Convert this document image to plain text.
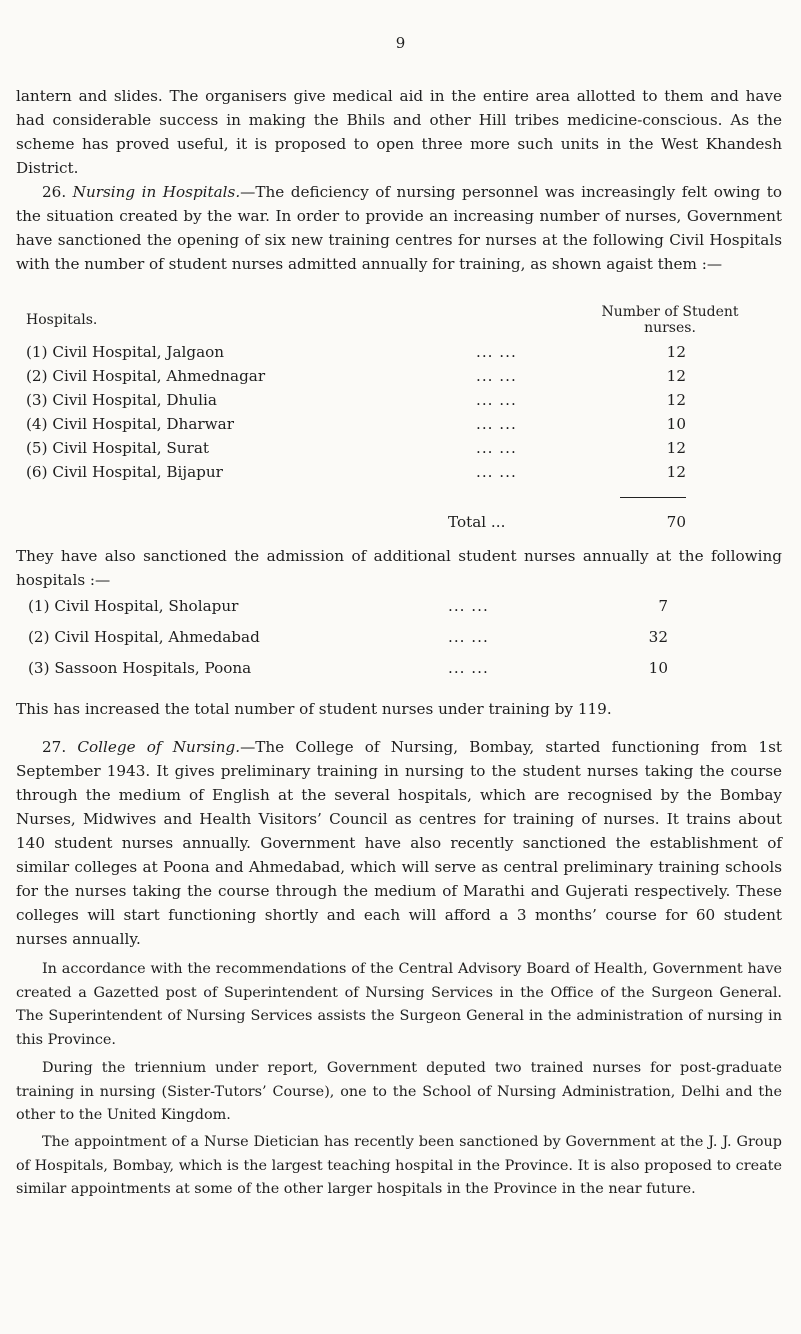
9

lantern and slides. The organisers give medical aid in the entire area allotted to them and have had considerable success in making the Bhils and other Hill tribes medicine-conscious. As the scheme has proved useful, it is proposed to open three more such units in the West Khandesh District.

26. Nursing in Hospitals.—The deficiency of nursing personnel was increasingly felt owing to the situation created by the war. In order to provide an increasing number of nurses, Government have sanctioned the opening of six new training centres for nurses at the following Civil Hospitals with the number of student nurses admitted annually for training, as shown agaist them :—

Hospitals.	Number of Student nurses.
(1) Civil Hospital, Jalgaon	... ...	12
(2) Civil Hospital, Ahmednagar	... ...	12
(3) Civil Hospital, Dhulia	... ...	12
(4) Civil Hospital, Dharwar	... ...	10
(5) Civil Hospital, Surat	... ...	12
(6) Civil Hospital, Bijapur	... ...	12
Total ...	70

They have also sanctioned the admission of additional student nurses annually at the following hospitals :—

(1) Civil Hospital, Sholapur	... ...	7
(2) Civil Hospital, Ahmedabad	... ...	32
(3) Sassoon Hospitals, Poona	... ...	10

This has increased the total number of student nurses under training by 119.

27. College of Nursing.—The College of Nursing, Bombay, started functioning from 1st September 1943. It gives preliminary training in nursing to the student nurses taking the course through the medium of English at the several hospitals, which are recognised by the Bombay Nurses, Midwives and Health Visitors’ Council as centres for training of nurses. It trains about 140 student nurses annually. Government have also recently sanctioned the establishment of similar colleges at Poona and Ahmedabad, which will serve as central preliminary training schools for the nurses taking the course through the medium of Marathi and Gujerati respectively. These colleges will start functioning shortly and each will afford a 3 months’ course for 60 student nurses annually.

In accordance with the recommendations of the Central Advisory Board of Health, Government have created a Gazetted post of Superintendent of Nursing Services in the Office of the Surgeon General. The Superintendent of Nursing Services assists the Surgeon General in the administration of nursing in this Province.

During the triennium under report, Government deputed two trained nurses for post-graduate training in nursing (Sister-Tutors’ Course), one to the School of Nursing Administration, Delhi and the other to the United Kingdom.

The appointment of a Nurse Dietician has recently been sanctioned by Government at the J. J. Group of Hospitals, Bombay, which is the largest teaching hospital in the Province. It is also proposed to create similar appointments at some of the other larger hospitals in the Province in the near future.
